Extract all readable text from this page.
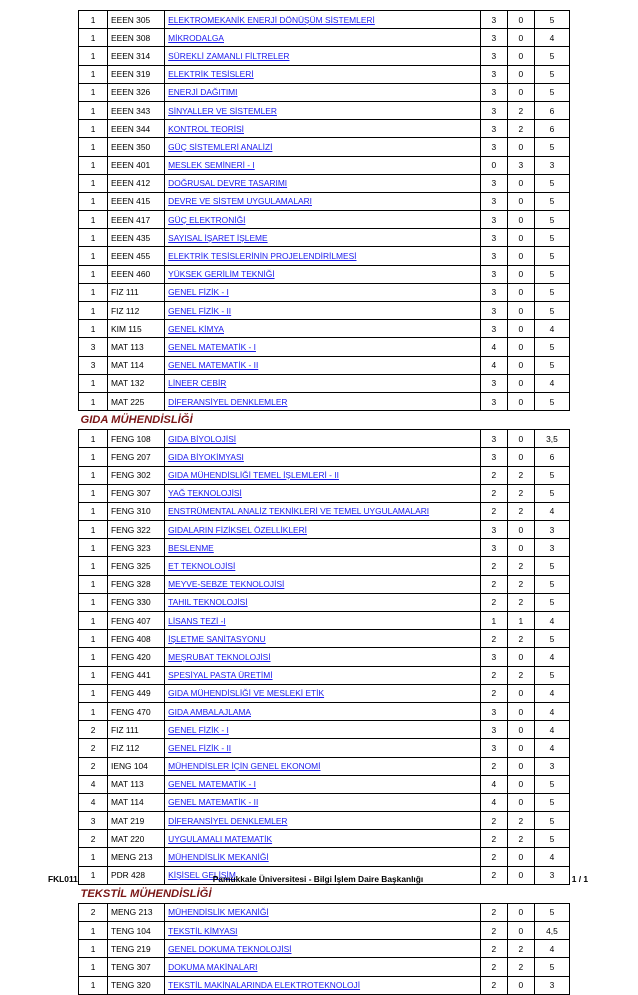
1	EEEN 305	ELEKTROMEKANİK ENERJİ DÖNÜŞÜM SİSTEMLERİ	3	0	5
1	EEEN 308	MİKRODALGA	3	0	4
1	EEEN 314	SÜREKLİ ZAMANLI FİLTRELER	3	0	5
1	EEEN 319	ELEKTRİK TESİSLERİ	3	0	5
1	EEEN 326	ENERJİ DAĞITIMI	3	0	5
1	EEEN 343	SİNYALLER VE SİSTEMLER	3	2	6
1	EEEN 344	KONTROL TEORİSİ	3	2	6
1	EEEN 350	GÜÇ SİSTEMLERİ ANALİZİ	3	0	5
1	EEEN 401	MESLEK SEMİNERİ - I	0	3	3
1	EEEN 412	DOĞRUSAL DEVRE TASARIMI	3	0	5
1	EEEN 415	DEVRE VE SİSTEM UYGULAMALARI	3	0	5
1	EEEN 417	GÜÇ ELEKTRONİĞİ	3	0	5
1	EEEN 435	SAYISAL İŞARET İŞLEME	3	0	5
1	EEEN 455	ELEKTRİK TESİSLERİNİN PROJELENDİRİLMESİ	3	0	5
1	EEEN 460	YÜKSEK GERİLİM TEKNİĞİ	3	0	5
1	FIZ 111	GENEL FİZİK - I	3	0	5
1	FIZ 112	GENEL FİZİK - II	3	0	5
1	KIM 115	GENEL KİMYA	3	0	4
3	MAT 113	GENEL MATEMATİK - I	4	0	5
3	MAT 114	GENEL MATEMATİK - II	4	0	5
1	MAT 132	LİNEER CEBİR	3	0	4
1	MAT 225	DİFERANSİYEL DENKLEMLER	3	0	5
GIDA MÜHENDİSLİĞİ					
1	FENG 108	GIDA BİYOLOJİSİ	3	0	3,5
1	FENG 207	GIDA BİYOKİMYASI	3	0	6
1	FENG 302	GIDA MÜHENDİSLİĞİ TEMEL İŞLEMLERİ - II	2	2	5
1	FENG 307	YAĞ TEKNOLOJİSİ	2	2	5
1	FENG 310	ENSTRÜMENTAL ANALİZ TEKNİKLERİ VE TEMEL UYGULAMALARI	2	2	4
1	FENG 322	GIDALARIN FİZİKSEL ÖZELLİKLERİ	3	0	3
1	FENG 323	BESLENME	3	0	3
1	FENG 325	ET TEKNOLOJİSİ	2	2	5
1	FENG 328	MEYVE-SEBZE TEKNOLOJİSİ	2	2	5
1	FENG 330	TAHIL TEKNOLOJİSİ	2	2	5
1	FENG 407	LİSANS TEZİ -I	1	1	4
1	FENG 408	İŞLETME SANİTASYONU	2	2	5
1	FENG 420	MEŞRUBAT TEKNOLOJİSİ	3	0	4
1	FENG 441	SPESİYAL PASTA ÜRETİMİ	2	2	5
1	FENG 449	GIDA MÜHENDİSLİĞİ VE MESLEKİ ETİK	2	0	4
1	FENG 470	GIDA AMBALAJLAMA	3	0	4
2	FIZ 111	GENEL FİZİK - I	3	0	4
2	FIZ 112	GENEL FİZİK - II	3	0	4
2	IENG 104	MÜHENDİSLER İÇİN GENEL EKONOMİ	2	0	3
4	MAT 113	GENEL MATEMATİK - I	4	0	5
4	MAT 114	GENEL MATEMATİK - II	4	0	5
3	MAT 219	DİFERANSİYEL DENKLEMLER	2	2	5
2	MAT 220	UYGULAMALI MATEMATİK	2	2	5
1	MENG 213	MÜHENDİSLİK MEKANİĞİ	2	0	4
1	PDR 428	KİŞİSEL GELİŞİM	2	0	3
TEKSTİL MÜHENDİSLİĞİ					
2	MENG 213	MÜHENDİSLİK MEKANİĞİ	2	0	5
1	TENG 104	TEKSTİL KİMYASI	2	0	4,5
1	TENG 219	GENEL DOKUMA TEKNOLOJİSİ	2	2	4
1	TENG 307	DOKUMA MAKİNALARI	2	2	5
1	TENG 320	TEKSTİL MAKİNALARINDA ELEKTROTEKNOLOJİ	2	0	3
FKL011	Pamukkale Üniversitesi - Bilgi İşlem Daire Başkanlığı	1 / 1
